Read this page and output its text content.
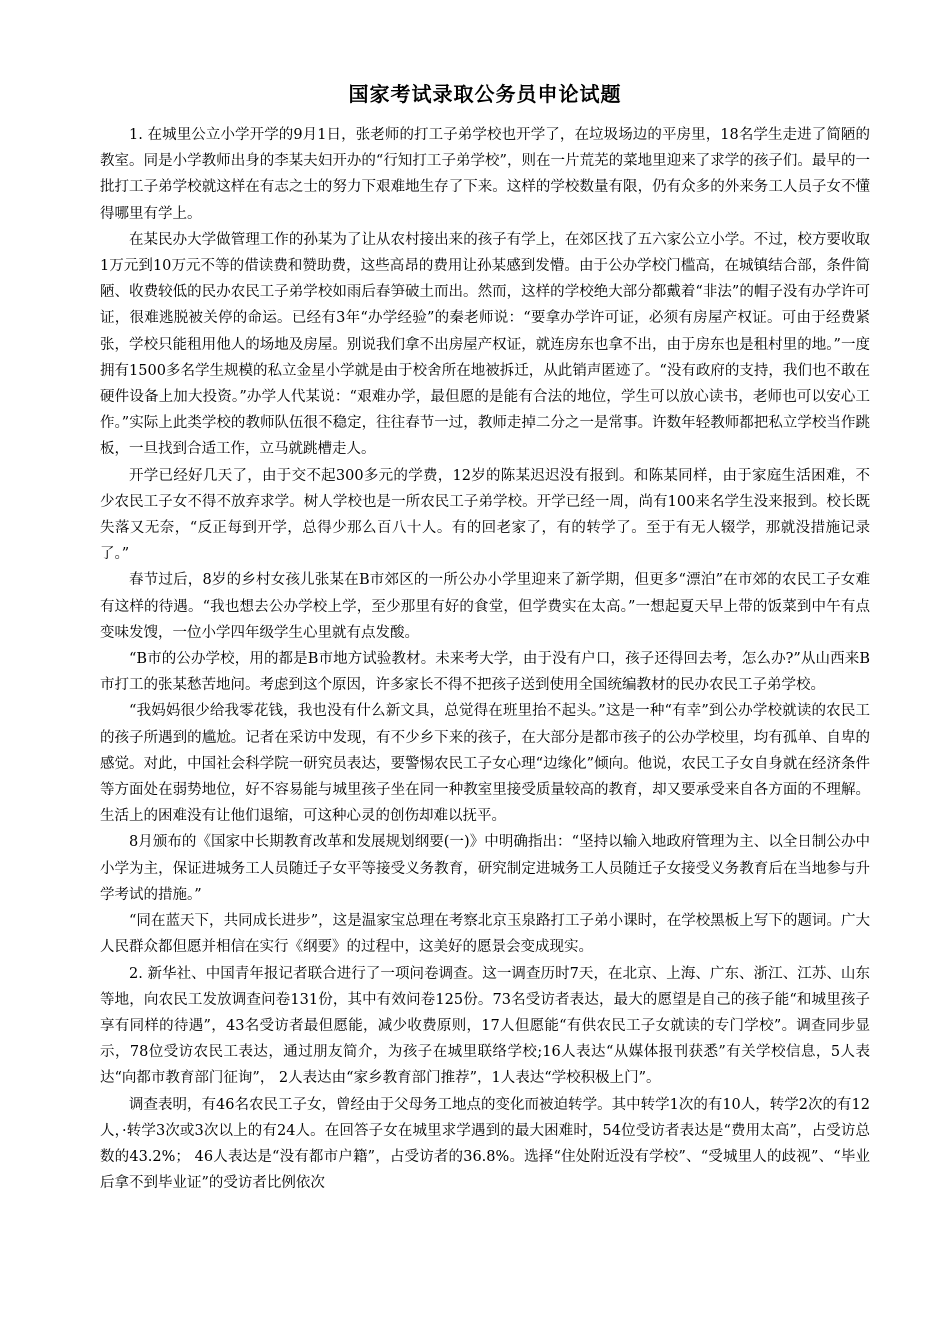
国家考试录取公务员申论试题

1. 在城里公立小学开学的9月1日，张老师的打工子弟学校也开学了，在垃圾场边的平房里，18名学生走进了简陋的教室。同是小学教师出身的李某夫妇开办的“行知打工子弟学校”，则在一片荒芜的菜地里迎来了求学的孩子们。最早的一批打工子弟学校就这样在有志之士的努力下艰难地生存了下来。这样的学校数量有限，仍有众多的外来务工人员子女不懂得哪里有学上。

在某民办大学做管理工作的孙某为了让从农村接出来的孩子有学上，在郊区找了五六家公立小学。不过，校方要收取1万元到10万元不等的借读费和赞助费，这些高昂的费用让孙某感到发懵。由于公办学校门槛高，在城镇结合部，条件简陋、收费较低的民办农民工子弟学校如雨后春笋破土而出。然而，这样的学校绝大部分都戴着“非法”的帽子没有办学许可证，很难逃脱被关停的命运。已经有3年“办学经验”的秦老师说：“要拿办学许可证，必须有房屋产权证。可由于经费紧张，学校只能租用他人的场地及房屋。别说我们拿不出房屋产权证，就连房东也拿不出，由于房东也是租村里的地。”一度拥有1500多名学生规模的私立金星小学就是由于校舍所在地被拆迁，从此销声匿迹了。“没有政府的支持，我们也不敢在硬件设备上加大投资。”办学人代某说：“艰难办学，最但愿的是能有合法的地位，学生可以放心读书，老师也可以安心工作。”实际上此类学校的教师队伍很不稳定，往往春节一过，教师走掉二分之一是常事。许数年轻教师都把私立学校当作跳板，一旦找到合适工作，立马就跳槽走人。

开学已经好几天了，由于交不起300多元的学费，12岁的陈某迟迟没有报到。和陈某同样，由于家庭生活困难，不少农民工子女不得不放弃求学。树人学校也是一所农民工子弟学校。开学已经一周，尚有100来名学生没来报到。校长既失落又无奈，“反正每到开学，总得少那么百八十人。有的回老家了，有的转学了。至于有无人辍学，那就没措施记录了。”

春节过后，8岁的乡村女孩儿张某在B市郊区的一所公办小学里迎来了新学期，但更多“漂泊”在市郊的农民工子女难有这样的待遇。“我也想去公办学校上学，至少那里有好的食堂，但学费实在太高。”一想起夏天早上带的饭菜到中午有点变味发馊，一位小学四年级学生心里就有点发酸。

“B市的公办学校，用的都是B市地方试验教材。未来考大学，由于没有户口，孩子还得回去考，怎么办?”从山西来B市打工的张某愁苦地问。考虑到这个原因，许多家长不得不把孩子送到使用全国统编教材的民办农民工子弟学校。

“我妈妈很少给我零花钱，我也没有什么新文具，总觉得在班里抬不起头。”这是一种“有幸”到公办学校就读的农民工的孩子所遇到的尴尬。记者在采访中发现，有不少乡下来的孩子，在大部分是都市孩子的公办学校里，均有孤单、自卑的感觉。对此，中国社会科学院一研究员表达，要警惕农民工子女心理“边缘化”倾向。他说，农民工子女自身就在经济条件等方面处在弱势地位，好不容易能与城里孩子坐在同一种教室里接受质量较高的教育，却又要承受来自各方面的不理解。生活上的困难没有让他们退缩，可这种心灵的创伤却难以抚平。

8月颁布的《国家中长期教育改革和发展规划纲要(一)》中明确指出：“坚持以输入地政府管理为主、以全日制公办中小学为主，保证进城务工人员随迁子女平等接受义务教育，研究制定进城务工人员随迁子女接受义务教育后在当地参与升学考试的措施。”

“同在蓝天下，共同成长进步”，这是温家宝总理在考察北京玉泉路打工子弟小课时，在学校黑板上写下的题词。广大人民群众都但愿并相信在实行《纲要》的过程中，这美好的愿景会变成现实。

2. 新华社、中国青年报记者联合进行了一项问卷调查。这一调查历时7天，在北京、上海、广东、浙江、江苏、山东等地，向农民工发放调查问卷131份，其中有效问卷125份。73名受访者表达，最大的愿望是自己的孩子能“和城里孩子享有同样的待遇”，43名受访者最但愿能，减少收费原则，17人但愿能“有供农民工子女就读的专门学校”。调查同步显示，78位受访农民工表达，通过朋友简介，为孩子在城里联络学校;16人表达“从媒体报刊获悉”有关学校信息，5人表达“向都市教育部门征询”， 2人表达由“家乡教育部门推荐”，1人表达“学校积极上门”。

调查表明，有46名农民工子女，曾经由于父母务工地点的变化而被迫转学。其中转学1次的有10人，转学2次的有12人，·转学3次或3次以上的有24人。在回答子女在城里求学遇到的最大困难时，54位受访者表达是“费用太高”，占受访总数的43.2%； 46人表达是“没有都市户籍”，占受访者的36.8%。选择“住处附近没有学校”、“受城里人的歧视”、“毕业后拿不到毕业证”的受访者比例依次
